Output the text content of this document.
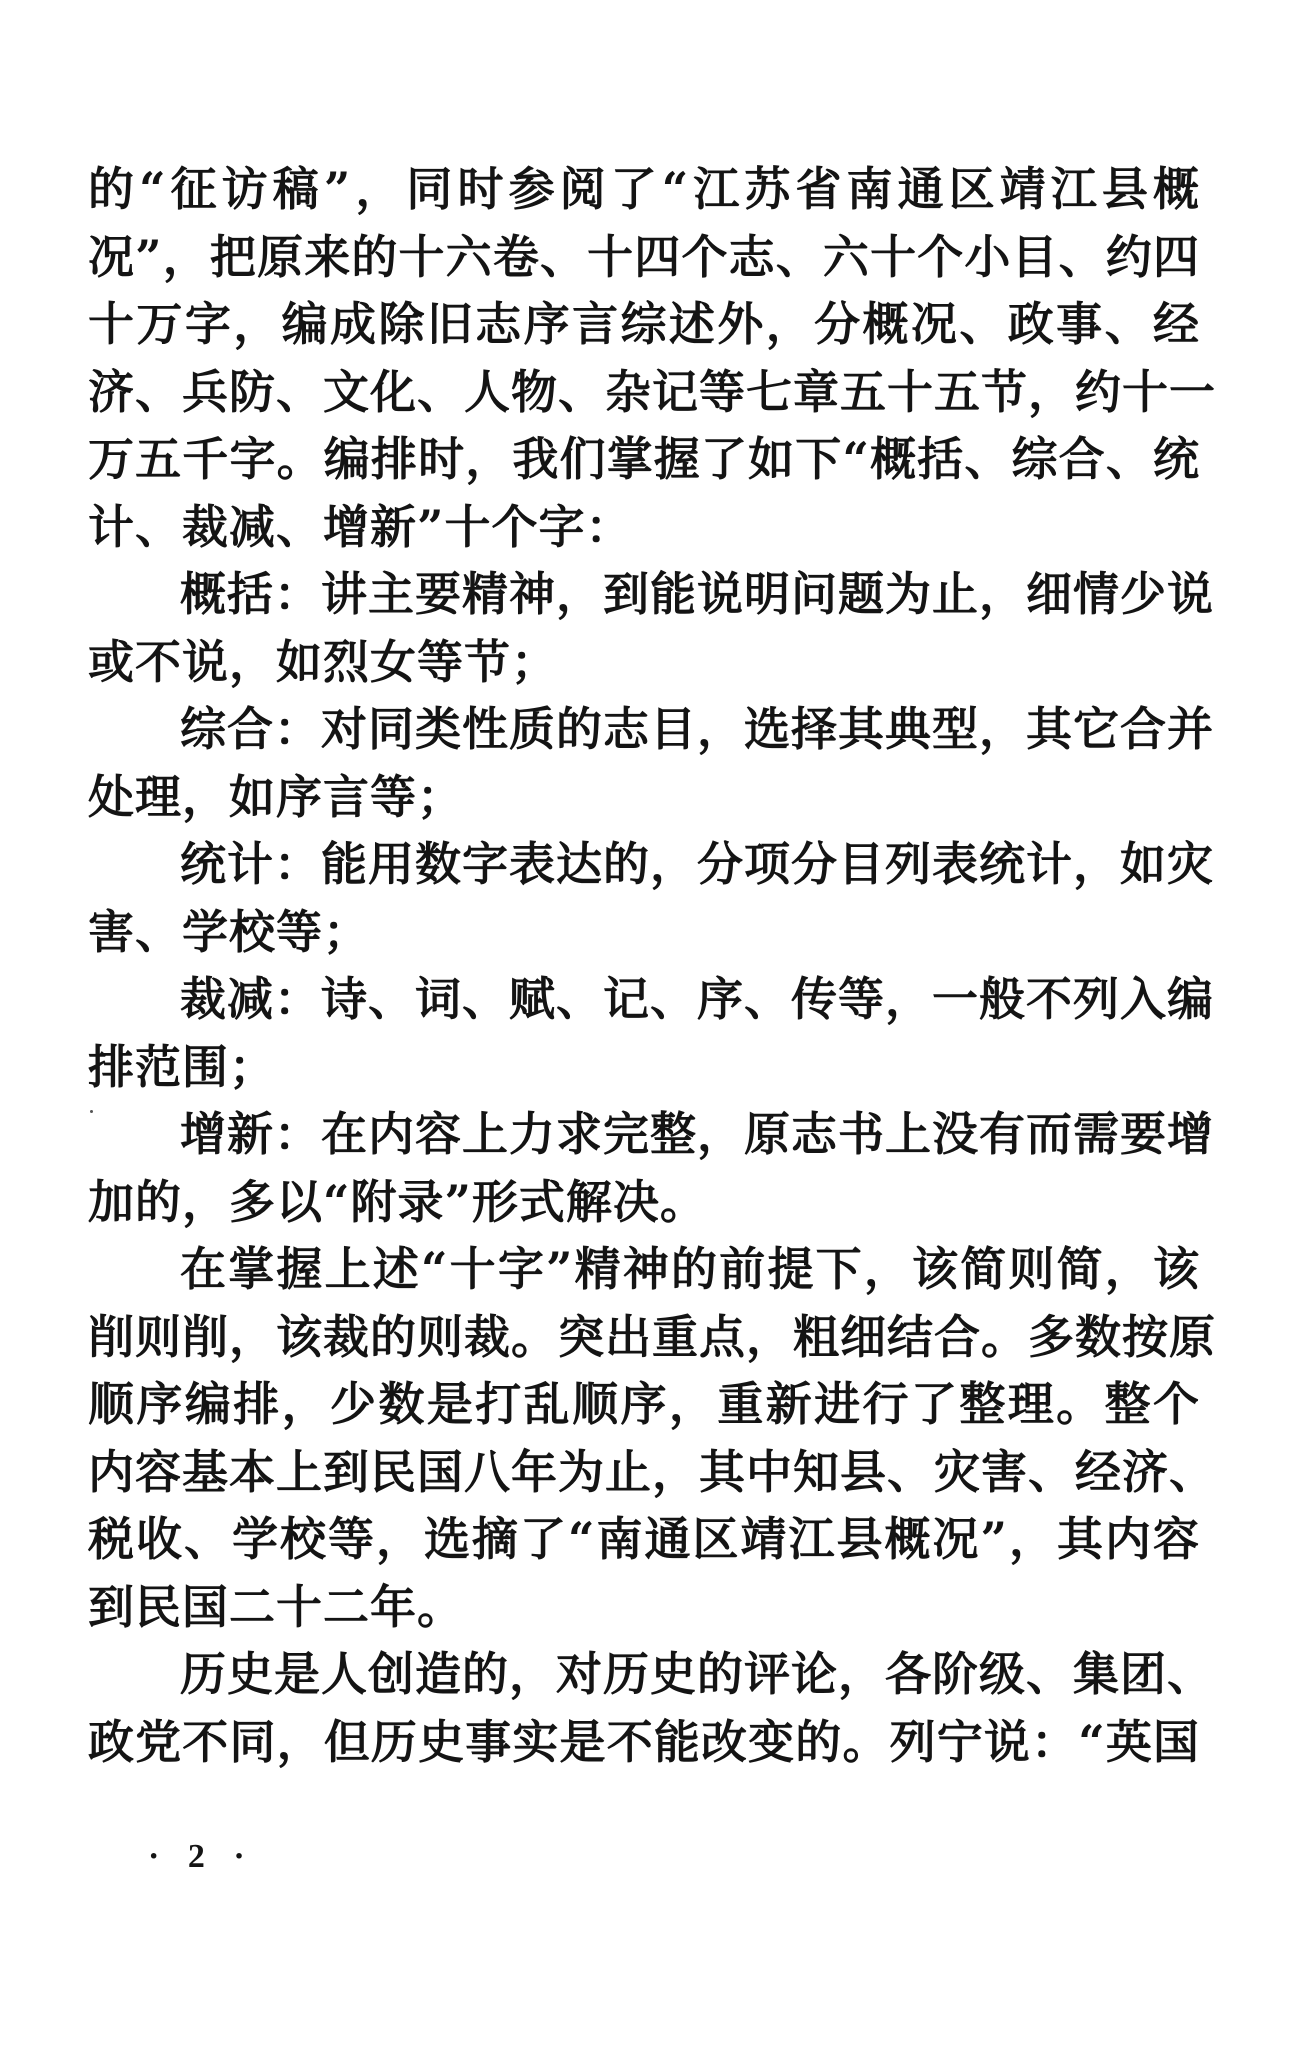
的“征访稿”，同时参阅了“江苏省南通区靖江县概
况”，把原来的十六卷、十四个志、六十个小目、约四
十万字，编成除旧志序言综述外，分概况、政事、经
济、兵防、文化、人物、杂记等七章五十五节，约十一
万五千字。编排时，我们掌握了如下“概括、综合、统
计、裁减、增新”十个字：
概括：讲主要精神，到能说明问题为止，细情少说
或不说，如烈女等节；
综合：对同类性质的志目，选择其典型，其它合并
处理，如序言等；
统计：能用数字表达的，分项分目列表统计，如灾
害、学校等；
裁减：诗、词、赋、记、序、传等，一般不列入编
排范围；
增新：在内容上力求完整，原志书上没有而需要增
加的，多以“附录”形式解决。
在掌握上述“十字”精神的前提下，该简则简，该
削则削，该裁的则裁。突出重点，粗细结合。多数按原
顺序编排，少数是打乱顺序，重新进行了整理。整个
内容基本上到民国八年为止，其中知县、灾害、经济、
税收、学校等，选摘了“南通区靖江县概况”，其内容
到民国二十二年。
历史是人创造的，对历史的评论，各阶级、集团、
政党不同，但历史事实是不能改变的。列宁说：“英国
· 2 ·
